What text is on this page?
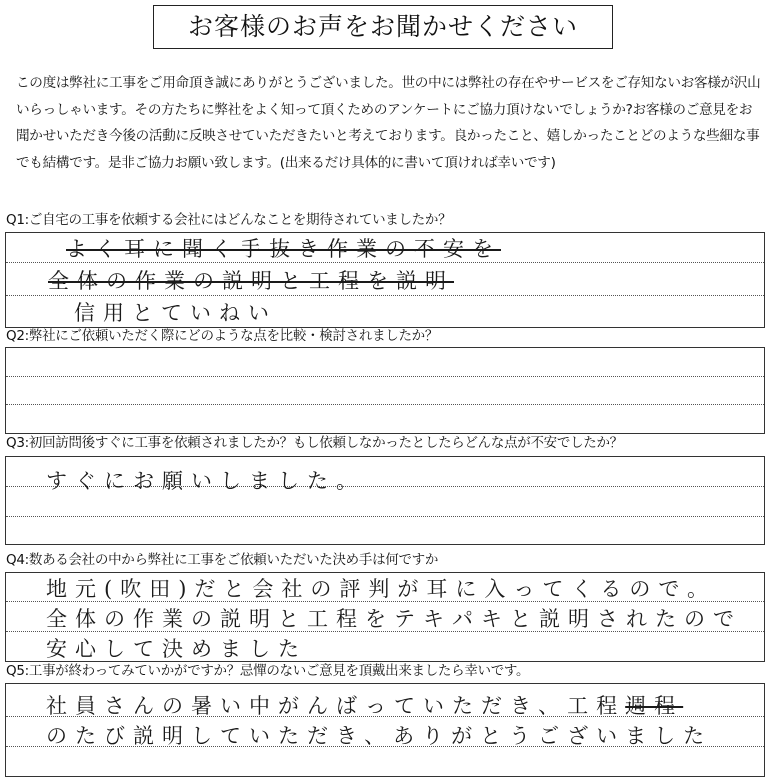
お客様のお声をお聞かせください
この度は弊社に工事をご用命頂き誠にありがとうございました。世の中には弊社の存在やサービスをご存知ないお客様が沢山いらっしゃいます。その方たちに弊社をよく知って頂くためのアンケートにご協力頂けないでしょうか?お客様のご意見をお聞かせいただき今後の活動に反映させていただきたいと考えております。良かったこと、嬉しかったことどのような些細な事でも結構です。是非ご協力お願い致します。(出来るだけ具体的に書いて頂ければ幸いです)
Q1:ご自宅の工事を依頼する会社にはどんなことを期待されていましたか？
よく耳に聞く手抜き作業の不安を
全体の作業の説明と工程を説明
信用とていねい
Q2:弊社にご依頼いただく際にどのような点を比較・検討されましたか？
Q3:初回訪問後すぐに工事を依頼されましたか？もし依頼しなかったとしたらどんな点が不安でしたか？
すぐにお願いしました。
Q4:数ある会社の中から弊社に工事をご依頼いただいた決め手は何ですか
地元(吹田)だと会社の評判が耳に入ってくるので。
全体の作業の説明と工程をテキパキと説明されたので
安心して決めました
Q5:工事が終わってみていかがですか？忌憚のないご意見を頂戴出来ましたら幸いです。
社員さんの暑い中がんばっていただき、工程週程
のたび説明していただき、ありがとうございました
